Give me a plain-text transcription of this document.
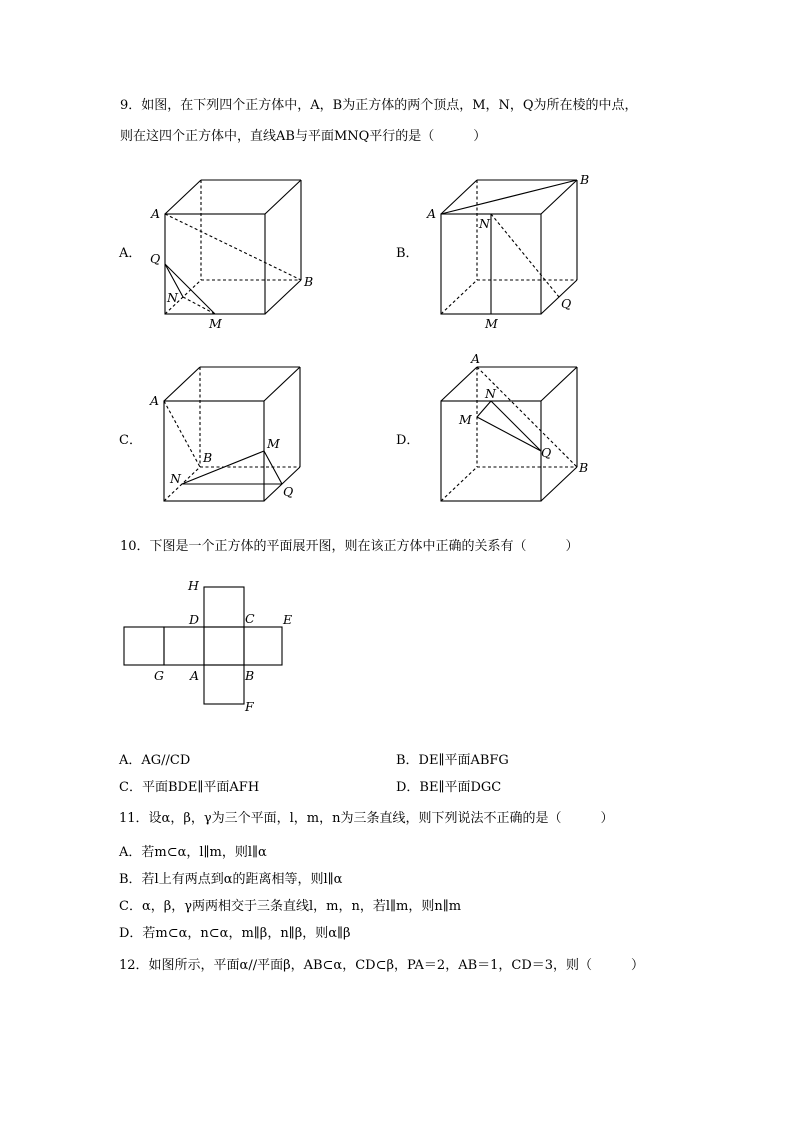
9．如图，在下列四个正方体中，A，B为正方体的两个顶点，M，N，Q为所在棱的中点，
则在这四个正方体中，直线AB与平面MNQ平行的是（　　　）
A．
A
B
Q
N
M
B．
A
B
N
Q
M
C．
A
B
N
M
Q
D．
A
B
N
M
Q
10．下图是一个正方体的平面展开图，则在该正方体中正确的关系有（　　　）
H
D	C E
G A	B
F
A．AG//CD	B．DE∥平面ABFG
C．平面BDE∥平面AFH	D．BE∥平面DGC
11．设α，β，γ为三个平面，l，m，n为三条直线，则下列说法不正确的是（　　　）
A．若m⊂α，l∥m，则l∥α
B．若l上有两点到α的距离相等，则l∥α
C．α，β，γ两两相交于三条直线l，m，n，若l∥m，则n∥m
D．若m⊂α，n⊂α，m∥β，n∥β，则α∥β
12．如图所示，平面α//平面β，AB⊂α，CD⊂β，PA＝2，AB＝1，CD＝3，则（　　　）
